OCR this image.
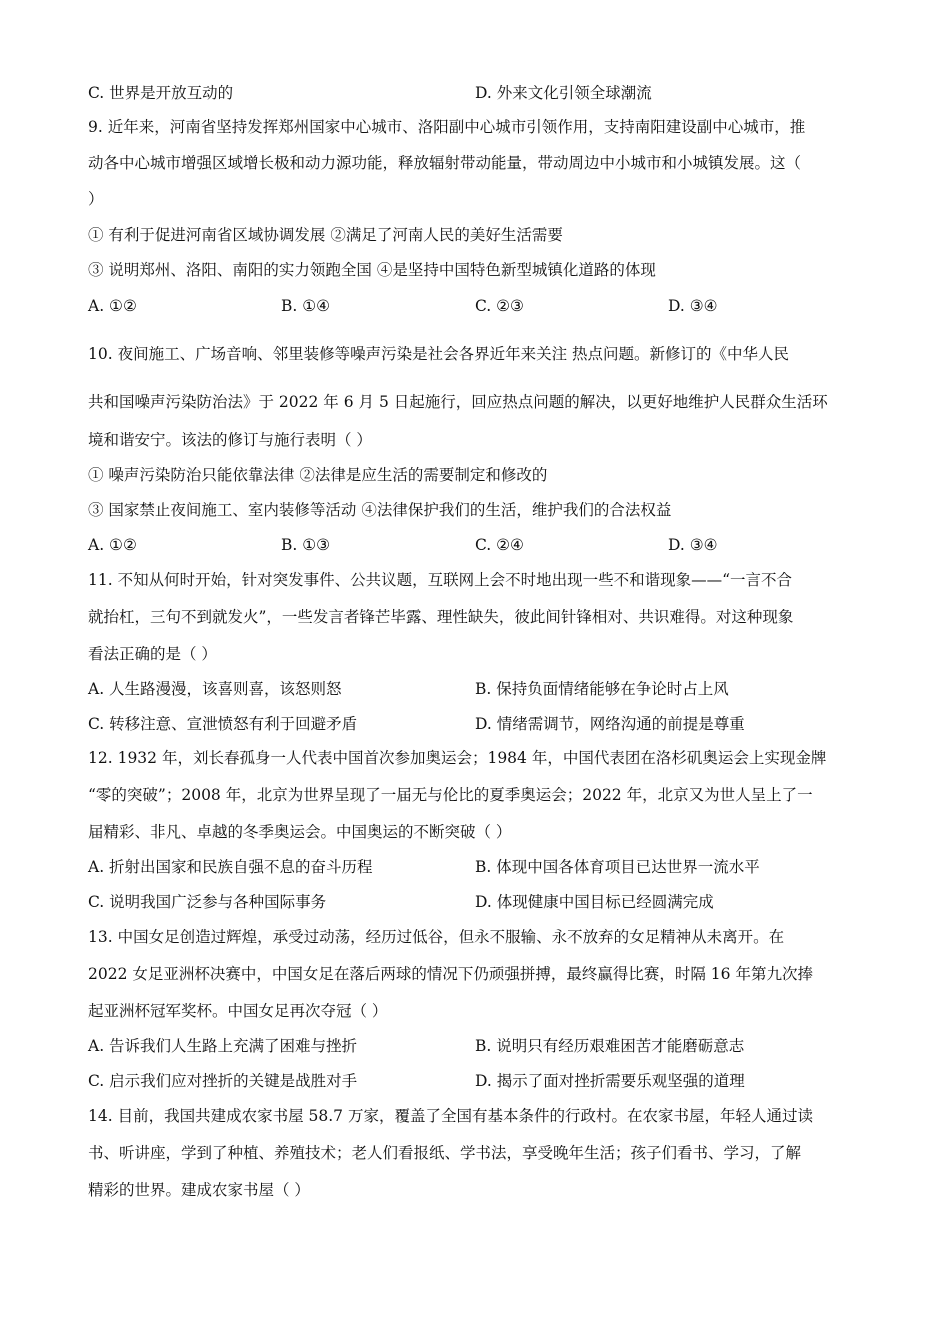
C. 世界是开放互动的	D. 外来文化引领全球潮流
9. 近年来，河南省坚持发挥郑州国家中心城市、洛阳副中心城市引领作用，支持南阳建设副中心城市，推
动各中心城市增强区域增长极和动力源功能，释放辐射带动能量，带动周边中小城市和小城镇发展。这（
）
① 有利于促进河南省区域协调发展 ②满足了河南人民的美好生活需要
③ 说明郑州、洛阳、南阳的实力领跑全国 ④是坚持中国特色新型城镇化道路的体现
A. ①②	B. ①④	C. ②③	D. ③④
10. 夜间施工、广场音响、邻里装修等噪声污染是社会各界近年来关注 热点问题。新修订的《中华人民
共和国噪声污染防治法》于 2022 年 6 月 5 日起施行，回应热点问题的解决，以更好地维护人民群众生活环
境和谐安宁。该法的修订与施行表明（ ）
① 噪声污染防治只能依靠法律 ②法律是应生活的需要制定和修改的
③ 国家禁止夜间施工、室内装修等活动 ④法律保护我们的生活，维护我们的合法权益
A. ①②	B. ①③	C. ②④	D. ③④
11. 不知从何时开始，针对突发事件、公共议题，互联网上会不时地出现一些不和谐现象——“一言不合
就抬杠，三句不到就发火”，一些发言者锋芒毕露、理性缺失，彼此间针锋相对、共识难得。对这种现象
看法正确的是（ ）
A. 人生路漫漫，该喜则喜，该怒则怒	B. 保持负面情绪能够在争论时占上风
C. 转移注意、宣泄愤怒有利于回避矛盾	D. 情绪需调节，网络沟通的前提是尊重
12. 1932 年，刘长春孤身一人代表中国首次参加奥运会；1984 年，中国代表团在洛杉矶奥运会上实现金牌
“零的突破”；2008 年，北京为世界呈现了一届无与伦比的夏季奥运会；2022 年，北京又为世人呈上了一
届精彩、非凡、卓越的冬季奥运会。中国奥运的不断突破（ ）
A. 折射出国家和民族自强不息的奋斗历程	B. 体现中国各体育项目已达世界一流水平
C. 说明我国广泛参与各种国际事务	D. 体现健康中国目标已经圆满完成
13. 中国女足创造过辉煌，承受过动荡，经历过低谷，但永不服输、永不放弃的女足精神从未离开。在
2022 女足亚洲杯决赛中，中国女足在落后两球的情况下仍顽强拼搏，最终赢得比赛，时隔 16 年第九次捧
起亚洲杯冠军奖杯。中国女足再次夺冠（ ）
A. 告诉我们人生路上充满了困难与挫折	B. 说明只有经历艰难困苦才能磨砺意志
C. 启示我们应对挫折的关键是战胜对手	D. 揭示了面对挫折需要乐观坚强的道理
14. 目前，我国共建成农家书屋 58.7 万家，覆盖了全国有基本条件的行政村。在农家书屋，年轻人通过读
书、听讲座，学到了种植、养殖技术；老人们看报纸、学书法，享受晚年生活；孩子们看书、学习，了解
精彩的世界。建成农家书屋（ ）
